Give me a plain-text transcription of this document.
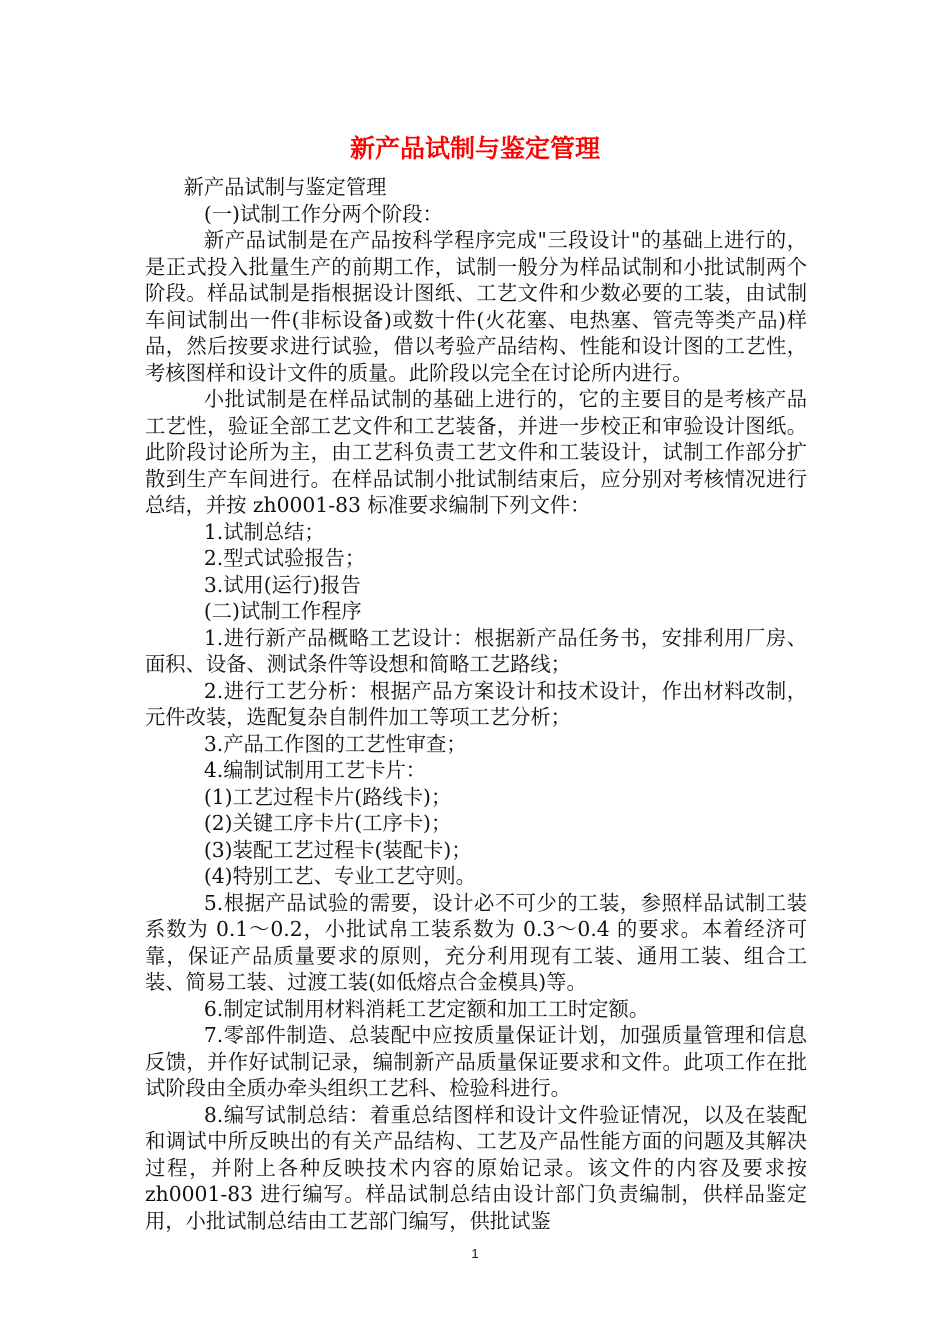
新产品试制与鉴定管理

新产品试制与鉴定管理

(一)试制工作分两个阶段：

新产品试制是在产品按科学程序完成"三段设计"的基础上进行的，是正式投入批量生产的前期工作，试制一般分为样品试制和小批试制两个阶段。样品试制是指根据设计图纸、工艺文件和少数必要的工装，由试制车间试制出一件(非标设备)或数十件(火花塞、电热塞、管壳等类产品)样品，然后按要求进行试验，借以考验产品结构、性能和设计图的工艺性，考核图样和设计文件的质量。此阶段以完全在讨论所内进行。

小批试制是在样品试制的基础上进行的，它的主要目的是考核产品工艺性，验证全部工艺文件和工艺装备，并进一步校正和审验设计图纸。此阶段讨论所为主，由工艺科负责工艺文件和工装设计，试制工作部分扩散到生产车间进行。在样品试制小批试制结束后，应分别对考核情况进行总结，并按 zh0001-83 标准要求编制下列文件：

1.试制总结；

2.型式试验报告；

3.试用(运行)报告

(二)试制工作程序

1.进行新产品概略工艺设计：根据新产品任务书，安排利用厂房、面积、设备、测试条件等设想和简略工艺路线；

2.进行工艺分析：根据产品方案设计和技术设计，作出材料改制，元件改装，选配复杂自制件加工等项工艺分析；

3.产品工作图的工艺性审查；

4.编制试制用工艺卡片：

(1)工艺过程卡片(路线卡)；

(2)关键工序卡片(工序卡)；

(3)装配工艺过程卡(装配卡)；

(4)特别工艺、专业工艺守则。

5.根据产品试验的需要，设计必不可少的工装，参照样品试制工装系数为 0.1～0.2，小批试帛工装系数为 0.3～0.4 的要求。本着经济可靠，保证产品质量要求的原则，充分利用现有工装、通用工装、组合工装、简易工装、过渡工装(如低熔点合金模具)等。

6.制定试制用材料消耗工艺定额和加工工时定额。

7.零部件制造、总装配中应按质量保证计划，加强质量管理和信息反馈，并作好试制记录，编制新产品质量保证要求和文件。此项工作在批试阶段由全质办牵头组织工艺科、检验科进行。

8.编写试制总结：着重总结图样和设计文件验证情况，以及在装配和调试中所反映出的有关产品结构、工艺及产品性能方面的问题及其解决过程，并附上各种反映技术内容的原始记录。该文件的内容及要求按 zh0001-83 进行编写。样品试制总结由设计部门负责编制，供样品鉴定用，小批试制总结由工艺部门编写，供批试鉴

1
